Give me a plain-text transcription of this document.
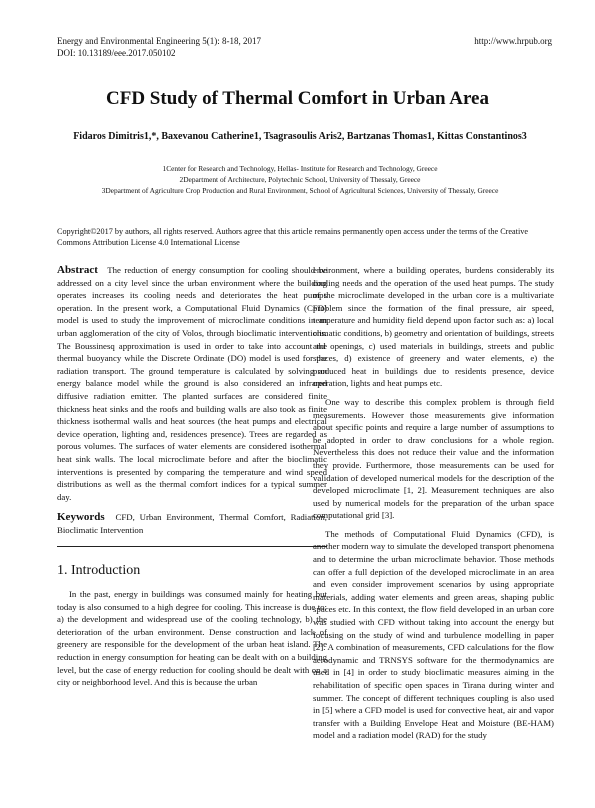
Energy and Environmental Engineering 5(1): 8-18, 2017	http://www.hrpub.org
DOI: 10.13189/eee.2017.050102
CFD Study of Thermal Comfort in Urban Area
Fidaros Dimitris1,*, Baxevanou Catherine1, Tsagrasoulis Aris2, Bartzanas Thomas1, Kittas Constantinos3
1Center for Research and Technology, Hellas- Institute for Research and Technology, Greece
2Department of Architecture, Polytechnic School, University of Thessaly, Greece
3Department of Agriculture Crop Production and Rural Environment, School of Agricultural Sciences, University of Thessaly, Greece
Copyright©2017 by authors, all rights reserved. Authors agree that this article remains permanently open access under the terms of the Creative Commons Attribution License 4.0 International License
Abstract The reduction of energy consumption for cooling should be addressed on a city level since the urban environment where the building operates increases its cooling needs and deteriorates the heat pumps operation. In the present work, a Computational Fluid Dynamics (CFD) model is used to study the improvement of microclimate conditions in an urban agglomeration of the city of Volos, through bioclimatic interventions. The Boussinesq approximation is used in order to take into account the thermal buoyancy while the Discrete Ordinate (DO) model is used for the radiation transport. The ground temperature is calculated by solving an energy balance model while the ground is also considered an infrared diffusive radiation emitter. The planted surfaces are considered finite thickness heat sinks and the roofs and building walls are also took as finite thickness isothermal walls and heat sources (the heat pumps and electrical device operation, lighting and, residences presence). Trees are regarded as porous volumes. The surfaces of water elements are considered isothermal heat sink walls. The local microclimate before and after the bioclimatic interventions is presented by comparing the temperature and wind speed distributions as well as the thermal comfort indices for a typical summer day.
Keywords CFD, Urban Environment, Thermal Comfort, Radiation, Bioclimatic Intervention
1. Introduction

In the past, energy in buildings was consumed mainly for heating but today is also consumed to a high degree for cooling. This increase is due to: a) the development and widespread use of the cooling technology, b) the deterioration of the urban environment. Dense construction and lack of greenery are responsible for the development of the urban heat island. The reduction in energy consumption for heating can be dealt with on a building level, but the case of energy reduction for cooling should be dealt with on a city or neighborhood level. And this is because the urban

environment, where a building operates, burdens considerably its cooling needs and the operation of the used heat pumps. The study of the microclimate developed in the urban core is a multivariate problem since the formation of the final pressure, air speed, temperature and humidity field depend upon factor such as: a) local climatic conditions, b) geometry and orientation of buildings, streets and openings, c) used materials in buildings, streets and public spaces, d) existence of greenery and water elements, e) the produced heat in buildings due to residents presence, device operation, lights and heat pumps etc.

One way to describe this complex problem is through field measurements. However those measurements give information about specific points and require a large number of assumptions to be adopted in order to draw conclusions for a whole region. Nevertheless this does not reduce their value and the information they provide. Furthermore, those measurements can be used for validation of developed numerical models for the description of the developed microclimate [1, 2]. Measurement techniques are also used by numerical models for the preparation of the urban space computational grid [3].

The methods of Computational Fluid Dynamics (CFD), is another modern way to simulate the developed transport phenomena and to determine the urban microclimate behavior. Those methods can offer a full depiction of the developed microclimate in an area and even consider improvement scenarios by using appropriate materials, adding water elements and green areas, shaping public spaces etc. In this context, the flow field developed in an urban core was studied with CFD without taking into account the energy but focusing on the study of wind and turbulence modelling in paper [2]. A combination of measurements, CFD calculations for the flow aerodynamic and TRNSYS software for the thermodynamics are used in [4] in order to study bioclimatic measures aiming in the rehabilitation of specific open spaces in Tirana during winter and summer. The concept of different techniques coupling is also used in [5] where a CFD model is used for convective heat, air and vapor transfer with a Building Envelope Heat and Moisture (BE-HAM) model and a radiation model (RAD) for the study
